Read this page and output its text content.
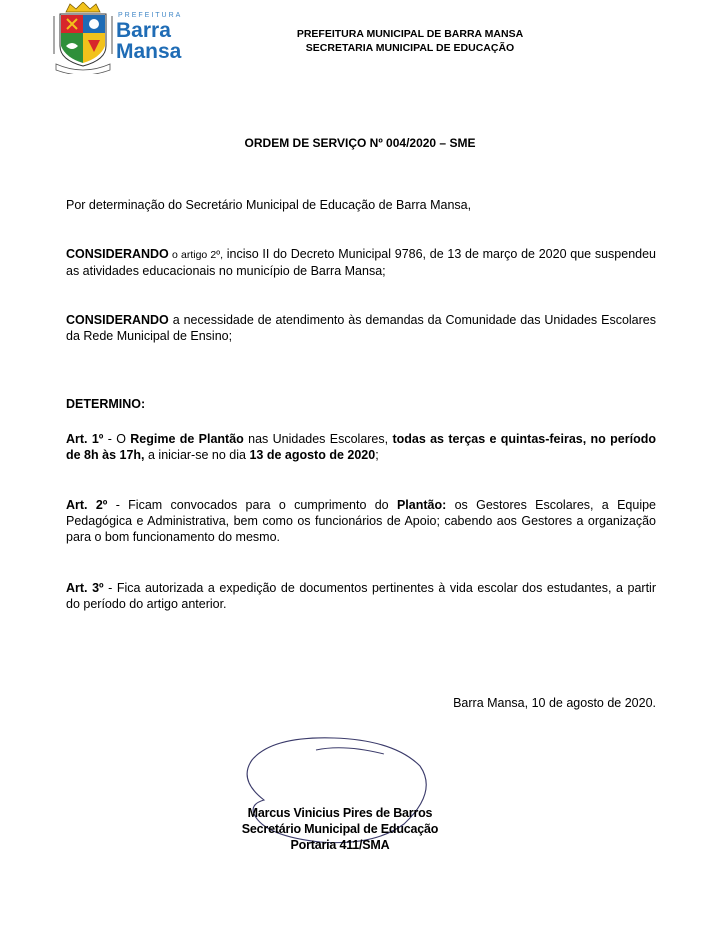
PREFEITURA
Barra
Mansa
PREFEITURA MUNICIPAL DE BARRA MANSA
SECRETARIA MUNICIPAL DE EDUCAÇÃO
ORDEM DE SERVIÇO Nº 004/2020 – SME
Por determinação do Secretário Municipal de Educação de Barra Mansa,
CONSIDERANDO o artigo 2º, inciso II do Decreto Municipal 9786, de 13 de março de 2020 que suspendeu as atividades educacionais no município de Barra Mansa;
CONSIDERANDO a necessidade de atendimento às demandas da Comunidade das Unidades Escolares da Rede Municipal de Ensino;
DETERMINO:
Art. 1º - O Regime de Plantão nas Unidades Escolares, todas as terças e quintas-feiras, no período de 8h às 17h, a iniciar-se no dia 13 de agosto de 2020;
Art. 2º - Ficam convocados para o cumprimento do Plantão: os Gestores Escolares, a Equipe Pedagógica e Administrativa, bem como os funcionários de Apoio; cabendo aos Gestores a organização para o bom funcionamento do mesmo.
Art. 3º - Fica autorizada a expedição de documentos pertinentes à vida escolar dos estudantes, a partir do período do artigo anterior.
Barra Mansa, 10 de agosto de 2020.
Marcus Vinicius Pires de Barros
Secretário Municipal de Educação
Portaria 411/SMA
